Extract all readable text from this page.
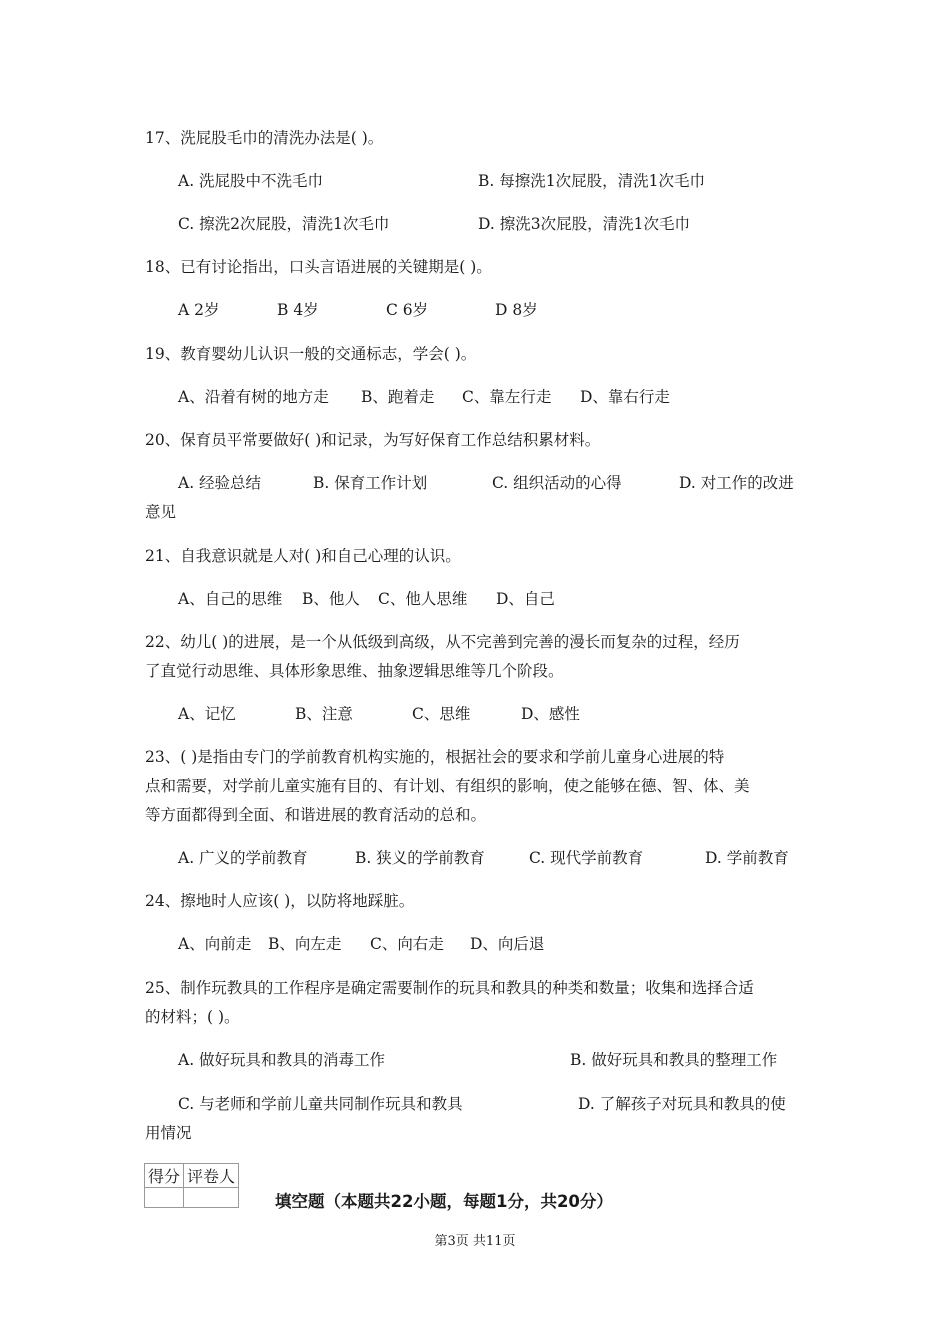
17、洗屁股毛巾的清洗办法是( )。
A. 洗屁股中不洗毛巾	B. 每擦洗1次屁股，清洗1次毛巾
C. 擦洗2次屁股，清洗1次毛巾	D. 擦洗3次屁股，清洗1次毛巾
18、已有讨论指出，口头言语进展的关键期是( )。
A 2岁	B 4岁	C 6岁	D 8岁
19、教育婴幼儿认识一般的交通标志，学会( )。
A、沿着有树的地方走 B、跑着走 C、靠左行走 D、靠右行走
20、保育员平常要做好( )和记录，为写好保育工作总结积累材料。
A. 经验总结	B. 保育工作计划	C. 组织活动的心得	D. 对工作的改进
意见
21、自我意识就是人对( )和自己心理的认识。
A、自己的思维 B、他人 C、他人思维 D、自己
22、幼儿( )的进展，是一个从低级到高级，从不完善到完善的漫长而复杂的过程，经历
了直觉行动思维、具体形象思维、抽象逻辑思维等几个阶段。
A、记忆	B、注意	C、思维	D、感性
23、( )是指由专门的学前教育机构实施的，根据社会的要求和学前儿童身心进展的特
点和需要，对学前儿童实施有目的、有计划、有组织的影响，使之能够在德、智、体、美
等方面都得到全面、和谐进展的教育活动的总和。
A. 广义的学前教育	B. 狭义的学前教育	C. 现代学前教育	D. 学前教育
24、擦地时人应该( )，以防将地踩脏。
A、向前走 B、向左走 C、向右走 D、向后退
25、制作玩教具的工作程序是确定需要制作的玩具和教具的种类和数量；收集和选择合适
的材料；( )。
A. 做好玩具和教具的消毒工作	B. 做好玩具和教具的整理工作
C. 与老师和学前儿童共同制作玩具和教具	D. 了解孩子对玩具和教具的使
用情况
得分	评卷人

填空题（本题共22小题，每题1分，共20分）
第3页 共11页
